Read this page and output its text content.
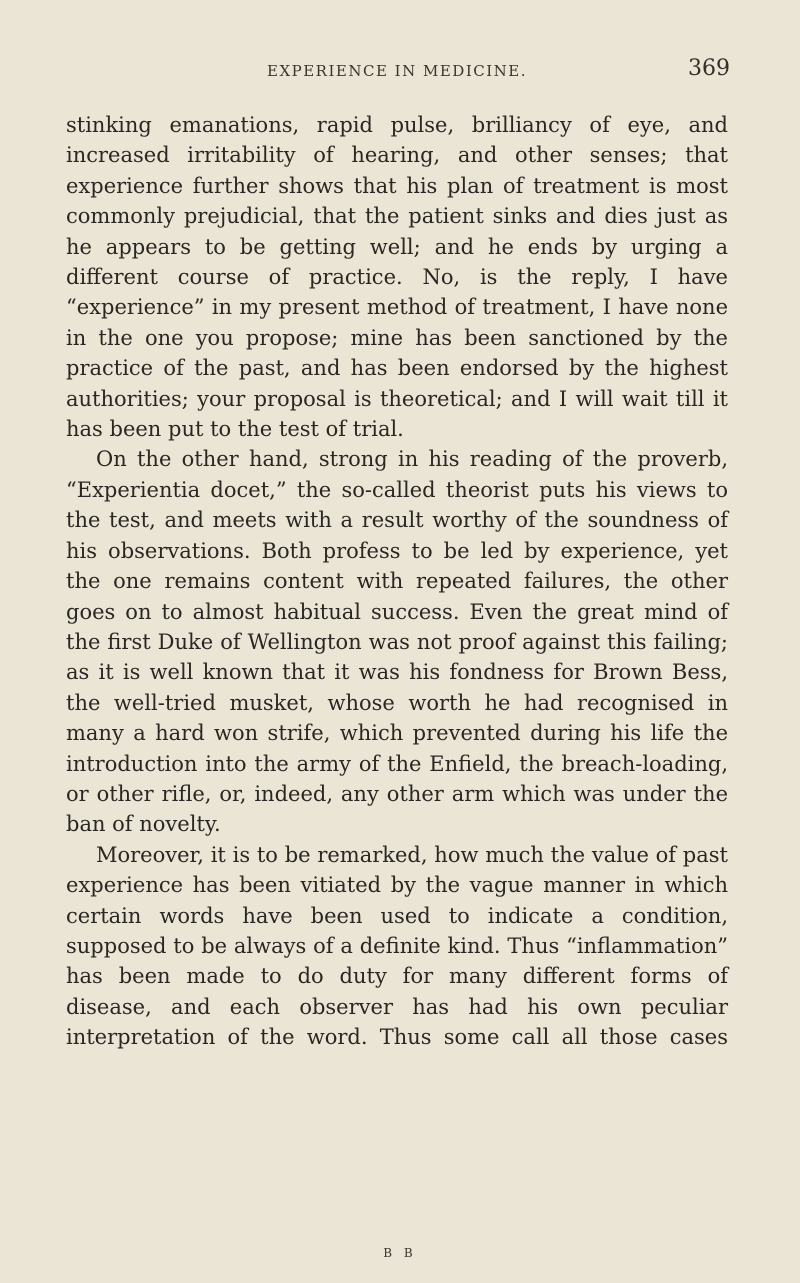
EXPERIENCE IN MEDICINE.	369

stinking emanations, rapid pulse, brilliancy of eye, and increased irritability of hearing, and other senses; that experience further shows that his plan of treatment is most commonly prejudicial, that the patient sinks and dies just as he appears to be getting well; and he ends by urging a different course of practice. No, is the reply, I have “experience” in my present method of treatment, I have none in the one you propose; mine has been sanctioned by the practice of the past, and has been endorsed by the highest authorities; your proposal is theoretical; and I will wait till it has been put to the test of trial.

On the other hand, strong in his reading of the proverb, “Experientia docet,” the so-called theorist puts his views to the test, and meets with a result worthy of the soundness of his observations. Both profess to be led by experience, yet the one remains content with repeated failures, the other goes on to almost habitual success. Even the great mind of the first Duke of Wellington was not proof against this failing; as it is well known that it was his fondness for Brown Bess, the well-tried musket, whose worth he had recognised in many a hard won strife, which prevented during his life the introduction into the army of the Enfield, the breach-loading, or other rifle, or, indeed, any other arm which was under the ban of novelty.

Moreover, it is to be remarked, how much the value of past experience has been vitiated by the vague manner in which certain words have been used to indicate a condition, supposed to be always of a definite kind. Thus “inflammation” has been made to do duty for many different forms of disease, and each observer has had his own peculiar interpretation of the word. Thus some call all those cases

B B
